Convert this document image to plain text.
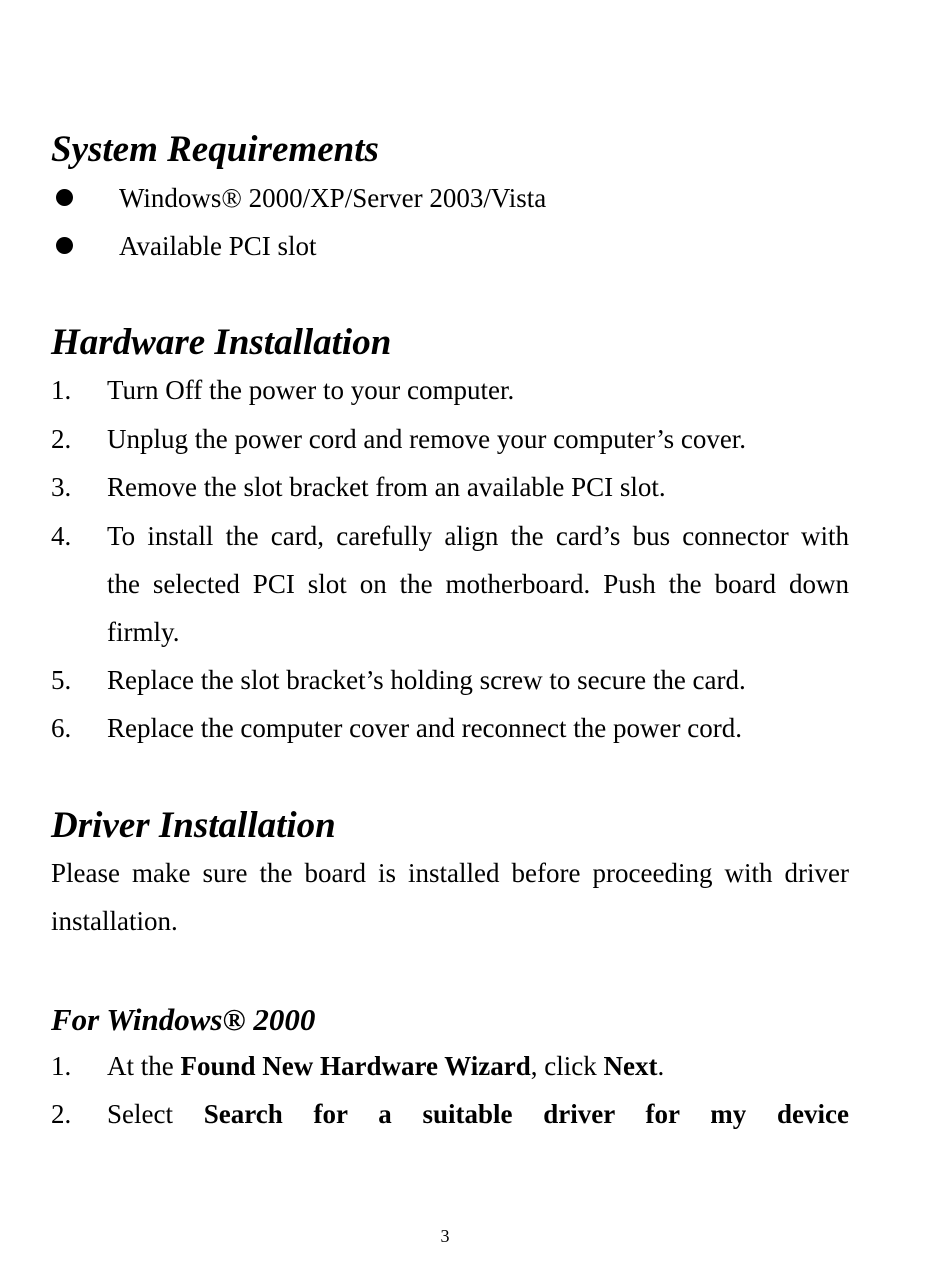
System Requirements
Windows® 2000/XP/Server 2003/Vista
Available PCI slot
Hardware Installation
1. Turn Off the power to your computer.
2. Unplug the power cord and remove your computer’s cover.
3. Remove the slot bracket from an available PCI slot.
4. To install the card, carefully align the card’s bus connector with
the selected PCI slot on the motherboard. Push the board down
firmly.
5. Replace the slot bracket’s holding screw to secure the card.
6. Replace the computer cover and reconnect the power cord.
Driver Installation
Please make sure the board is installed before proceeding with driver
installation.
For Windows® 2000
1. At the Found New Hardware Wizard, click Next.
2. Select Search for a suitable driver for my device
3
